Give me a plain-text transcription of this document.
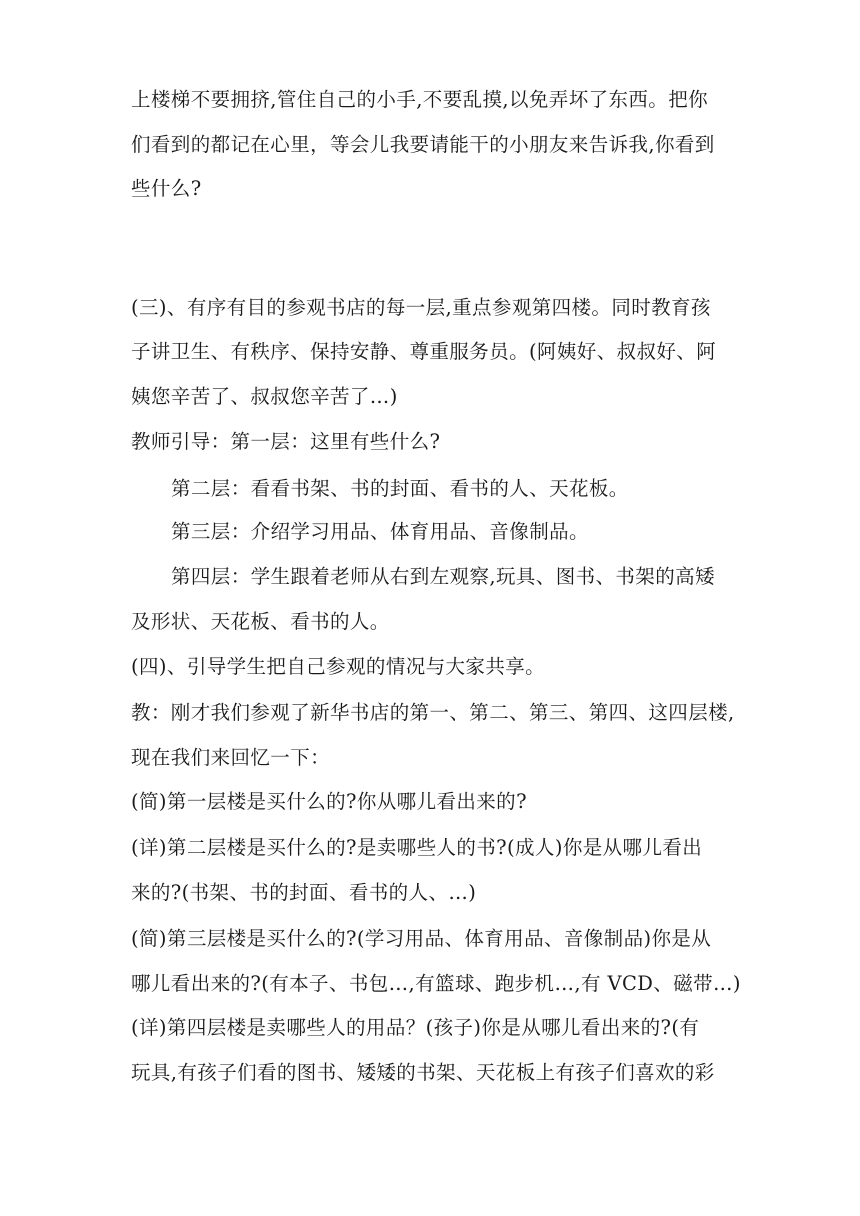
上楼梯不要拥挤,管住自己的小手,不要乱摸,以免弄坏了东西。把你
们看到的都记在心里，等会儿我要请能干的小朋友来告诉我,你看到
些什么?
(三)、有序有目的参观书店的每一层,重点参观第四楼。同时教育孩
子讲卫生、有秩序、保持安静、尊重服务员。(阿姨好、叔叔好、阿
姨您辛苦了、叔叔您辛苦了…)
教师引导：第一层：这里有些什么?
第二层：看看书架、书的封面、看书的人、天花板。
第三层：介绍学习用品、体育用品、音像制品。
第四层：学生跟着老师从右到左观察,玩具、图书、书架的高矮
及形状、天花板、看书的人。
(四)、引导学生把自己参观的情况与大家共享。
教：刚才我们参观了新华书店的第一、第二、第三、第四、这四层楼,
现在我们来回忆一下：
(简)第一层楼是买什么的?你从哪儿看出来的?
(详)第二层楼是买什么的?是卖哪些人的书?(成人)你是从哪儿看出
来的?(书架、书的封面、看书的人、…)
(简)第三层楼是买什么的?(学习用品、体育用品、音像制品)你是从
哪儿看出来的?(有本子、书包…,有篮球、跑步机…,有 VCD、磁带…)
(详)第四层楼是卖哪些人的用品？(孩子)你是从哪儿看出来的?(有
玩具,有孩子们看的图书、矮矮的书架、天花板上有孩子们喜欢的彩
